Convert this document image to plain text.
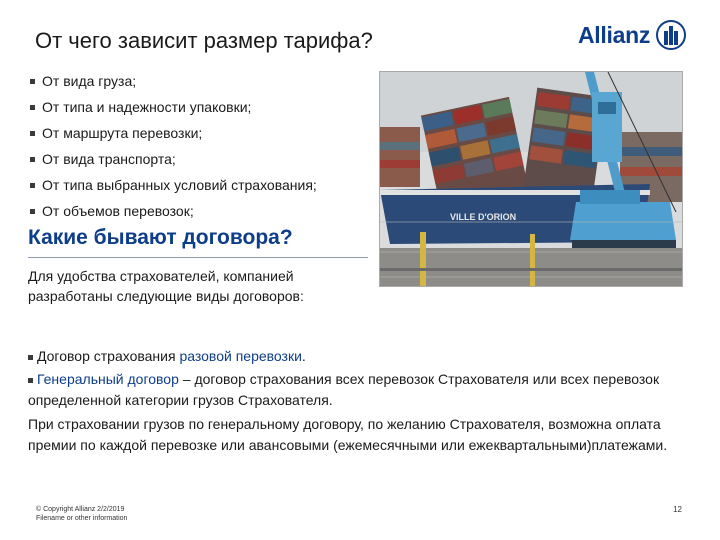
От чего зависит размер тарифа?	Allianz
От вида груза;
От типа и надежности упаковки;
От маршрута перевозки;
От вида транспорта;
От типа выбранных условий страхования;
От объемов перевозок;	VILLE D'ORION
Какие бывают договора?

Для удобства страхователей, компанией разработаны следующие виды договоров:

Договор страхования разовой перевозки.

Генеральный договор – договор страхования всех перевозок Страхователя или всех перевозок определенной категории грузов Страхователя.

При страховании грузов по генеральному договору, по желанию Страхователя, возможна оплата премии по каждой перевозке или авансовыми (ежемесячными или ежеквартальными)платежами.

© Copyright Allianz 2/2/2019
Filename or other information
12
